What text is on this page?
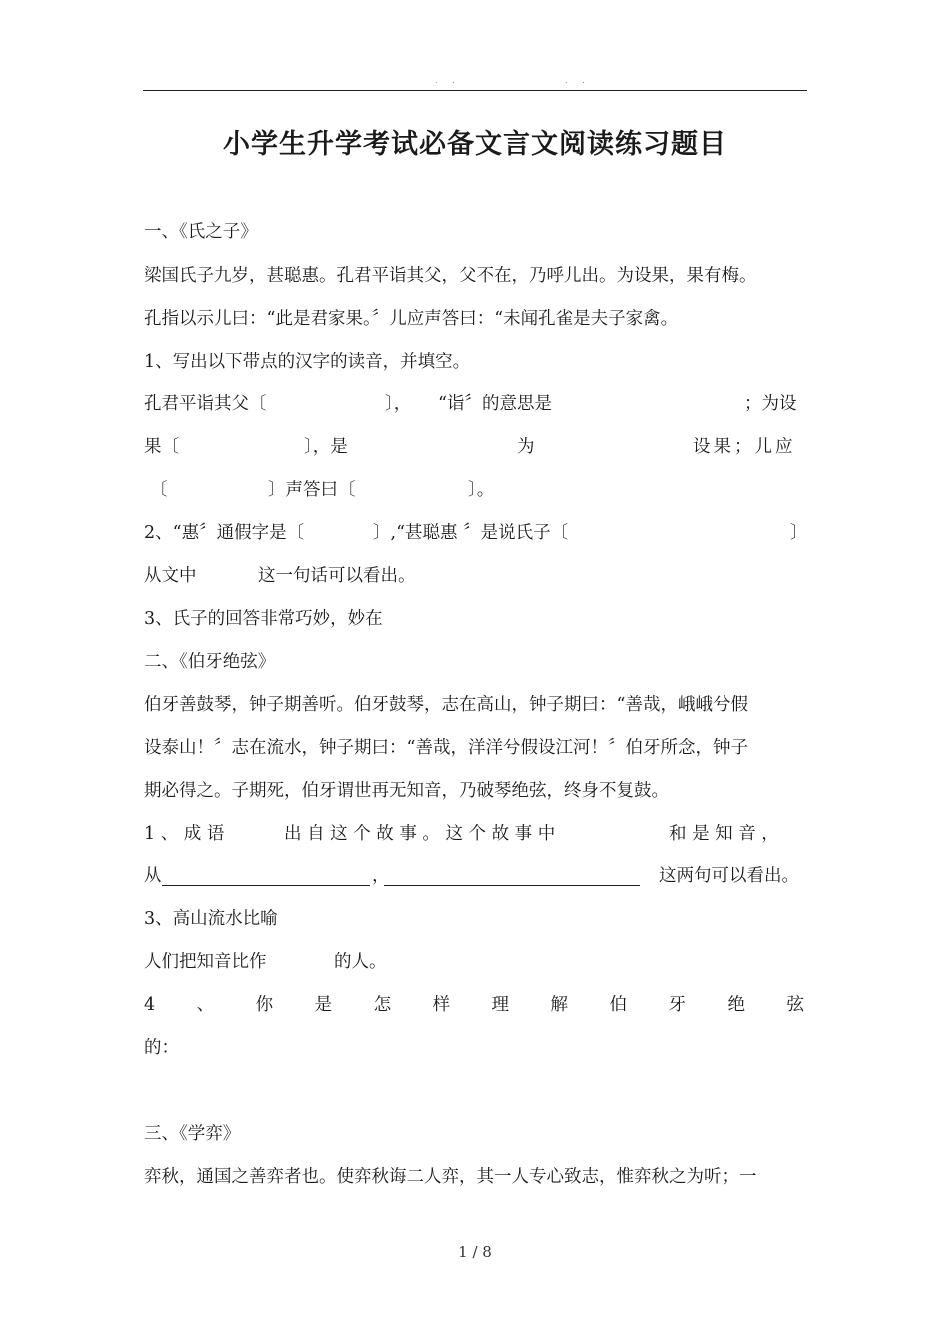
. .	. .
小学生升学考试必备文言文阅读练习题目
一、《氏之子》
梁国氏子九岁，甚聪惠。孔君平诣其父，父不在，乃呼儿出。为设果，果有梅。
孔指以示儿曰：“此是君家果。〞儿应声答曰：“未闻孔雀是夫子家禽。
1、写出以下带点的汉字的读音，并填空。
孔君平诣其父〔	〕， “诣〞的意思是	；为设
果〔	〕，是	为	设果；儿应
〔	〕声答曰〔	〕。
2、“惠〞通假字是〔	〕,“甚聪惠 〞是说氏子〔	〕
从文中	这一句话可以看出。
3、氏子的回答非常巧妙，妙在
二、《伯牙绝弦》
伯牙善鼓琴，钟子期善听。伯牙鼓琴，志在高山，钟子期曰：“善哉，峨峨兮假
设泰山！〞志在流水，钟子期曰：“善哉，洋洋兮假设江河！〞伯牙所念，钟子
期必得之。子期死，伯牙谓世再无知音，乃破琴绝弦，终身不复鼓。
1 、 成 语	出 自 这 个 故 事 。 这 个 故 事 中	和 是 知 音 ，
从	，	这两句可以看出。
3、高山流水比喻
人们把知音比作	的人。
4 、 你 是 怎 样 理 解 伯 牙 绝 弦
的：
三、《学弈》
弈秋，通国之善弈者也。使弈秋诲二人弈，其一人专心致志，惟弈秋之为听；一
1 / 8
